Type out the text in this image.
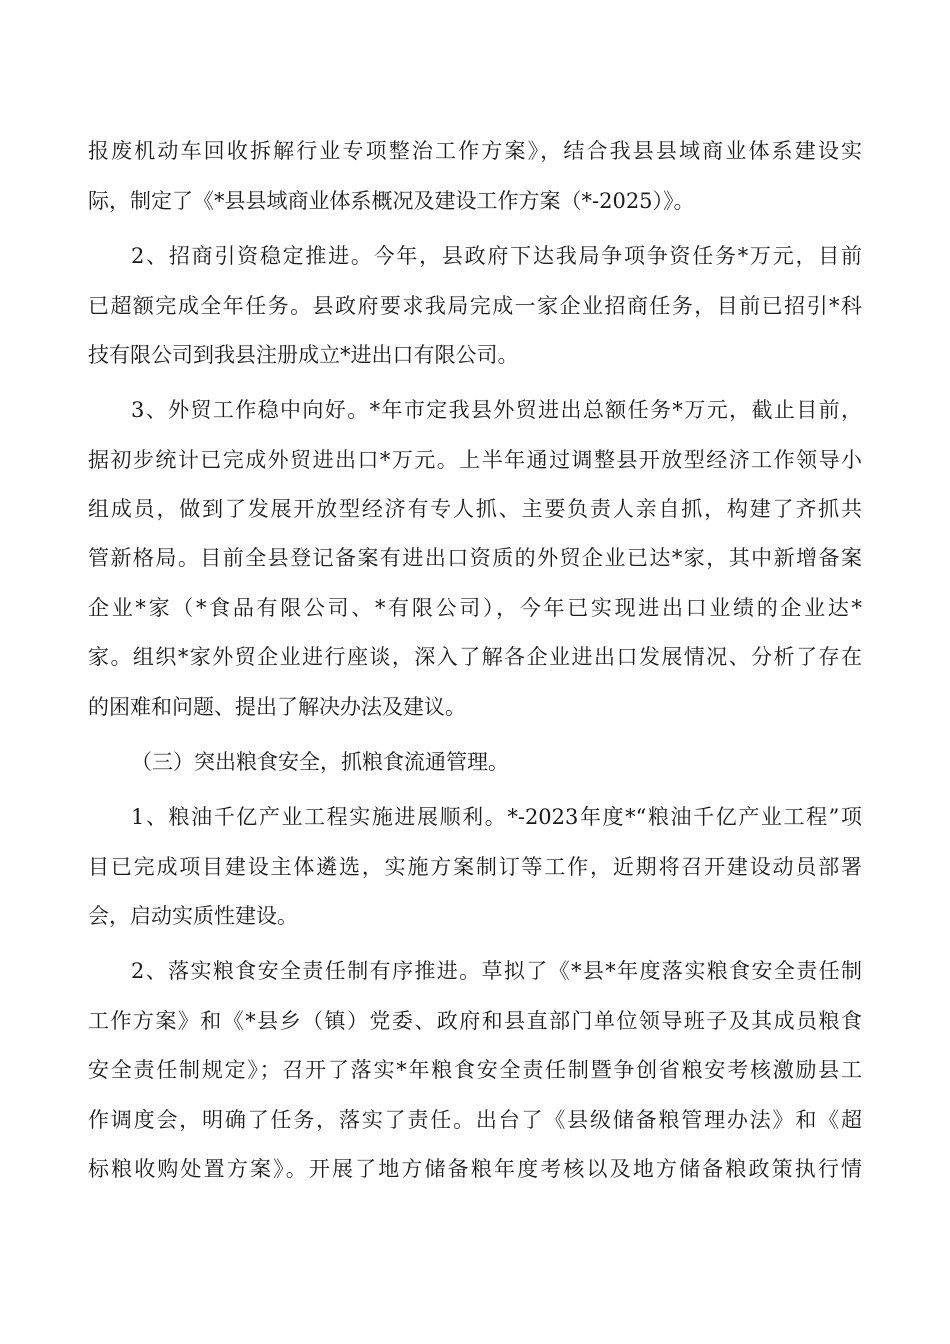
报废机动车回收拆解行业专项整治工作方案》，结合我县县域商业体系建设实
际，制定了《*县县域商业体系概况及建设工作方案（*-2025）》。
2、招商引资稳定推进。今年，县政府下达我局争项争资任务*万元，目前
已超额完成全年任务。县政府要求我局完成一家企业招商任务，目前已招引*科
技有限公司到我县注册成立*进出口有限公司。
3、外贸工作稳中向好。*年市定我县外贸进出总额任务*万元，截止目前，
据初步统计已完成外贸进出口*万元。上半年通过调整县开放型经济工作领导小
组成员，做到了发展开放型经济有专人抓、主要负责人亲自抓，构建了齐抓共
管新格局。目前全县登记备案有进出口资质的外贸企业已达*家，其中新增备案
企业*家（*食品有限公司、*有限公司），今年已实现进出口业绩的企业达*
家。组织*家外贸企业进行座谈，深入了解各企业进出口发展情况、分析了存在
的困难和问题、提出了解决办法及建议。
（三）突出粮食安全，抓粮食流通管理。
1、粮油千亿产业工程实施进展顺利。*-2023年度*“粮油千亿产业工程”项
目已完成项目建设主体遴选，实施方案制订等工作，近期将召开建设动员部署
会，启动实质性建设。
2、落实粮食安全责任制有序推进。草拟了《*县*年度落实粮食安全责任制
工作方案》和《*县乡（镇）党委、政府和县直部门单位领导班子及其成员粮食
安全责任制规定》；召开了落实*年粮食安全责任制暨争创省粮安考核激励县工
作调度会，明确了任务，落实了责任。出台了《县级储备粮管理办法》和《超
标粮收购处置方案》。开展了地方储备粮年度考核以及地方储备粮政策执行情
